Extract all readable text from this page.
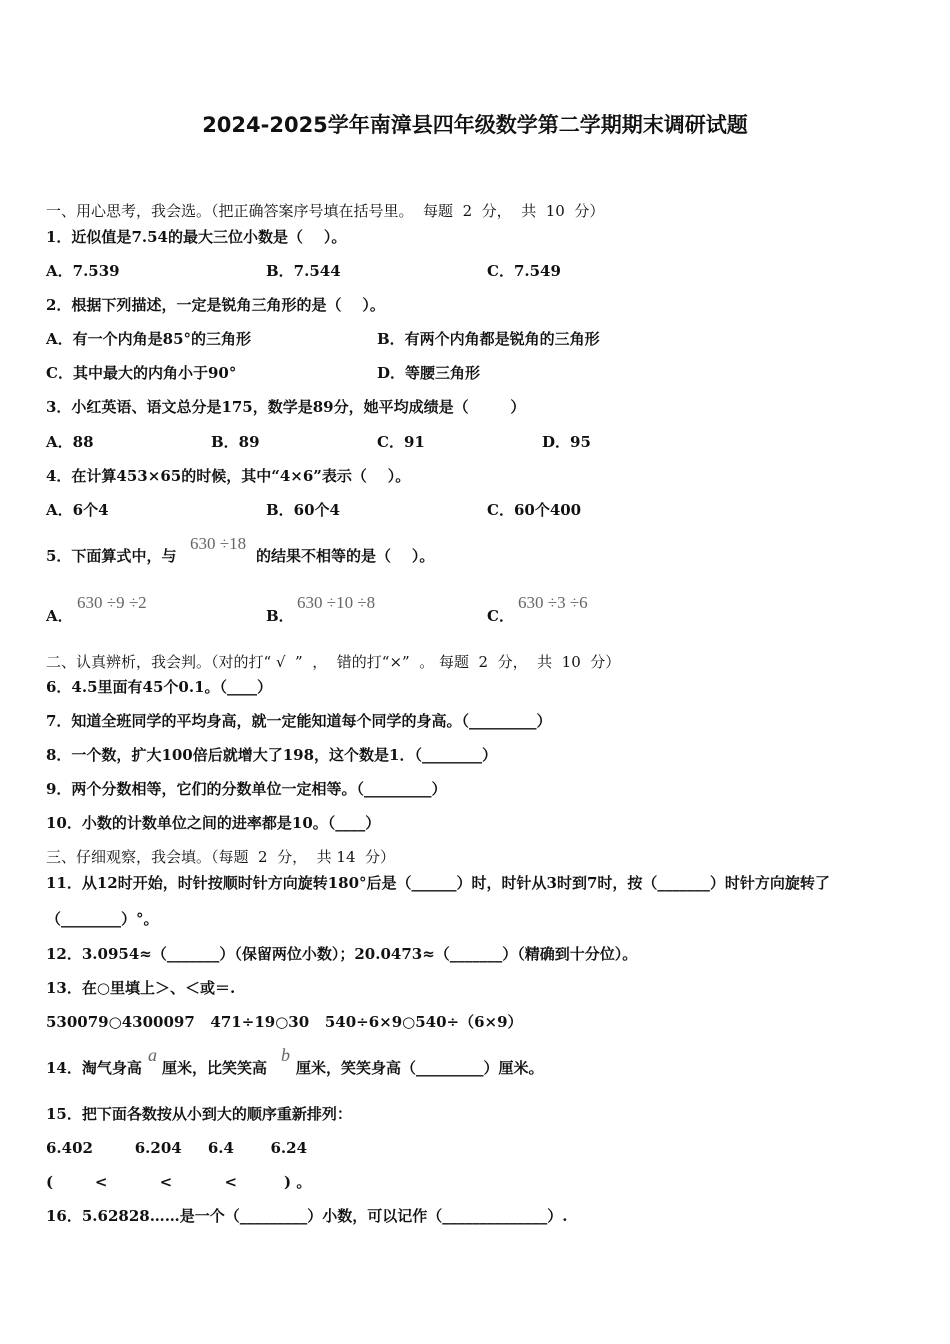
2024-2025学年南漳县四年级数学第二学期期末调研试题
一、用心思考，我会选。（把正确答案序号填在括号里。  每题  2  分，  共  10  分）
1．近似值是7.54的最大三位小数是（    ）。
A．7.539	B．7.544	C．7.549
2．根据下列描述，一定是锐角三角形的是（    ）。
A．有一个内角是85°的三角形	B．有两个内角都是锐角的三角形
C．其中最大的内角小于90°	D．等腰三角形
3．小红英语、语文总分是175，数学是89分，她平均成绩是（        ）
A．88	B．89	C．91	D．95
4．在计算453×65的时候，其中“4×6”表示（    ）。
A．6个4	B．60个4	C．60个400
5．下面算式中，与
630 ÷18
的结果不相等的是（    ）。
A．
630 ÷9 ÷2
B．
630 ÷10 ÷8
C．
630 ÷3 ÷6
二、认真辨析，我会判。（对的打“ √  ”  ，  错的打“×”  。 每题  2  分，  共  10  分）
6．4.5里面有45个0.1。（____）
7．知道全班同学的平均身高，就一定能知道每个同学的身高。（_________）
8．一个数，扩大100倍后就增大了198，这个数是1．（________）
9．两个分数相等，它们的分数单位一定相等。（_________）
10．小数的计数单位之间的进率都是10。（____）
三、仔细观察，我会填。（每题  2  分，  共 14  分）
11．从12时开始，时针按顺时针方向旋转180°后是（______）时，时针从3时到7时，按（_______）时针方向旋转了
（________）°。
12．3.0954≈（_______）（保留两位小数）；20.0473≈（_______）（精确到十分位）。
13．在○里填上＞、＜或＝.
530079○4300097   471÷19○30   540÷6×9○540÷（6×9）
14．淘气身高
a
厘米，比笑笑高
b
厘米，笑笑身高（_________）厘米。
15．把下面各数按从小到大的顺序重新排列：
6.402        6.204     6.4       6.24
(        <          <          <         ) 。
16．5.62828……是一个（_________）小数，可以记作（______________）.
